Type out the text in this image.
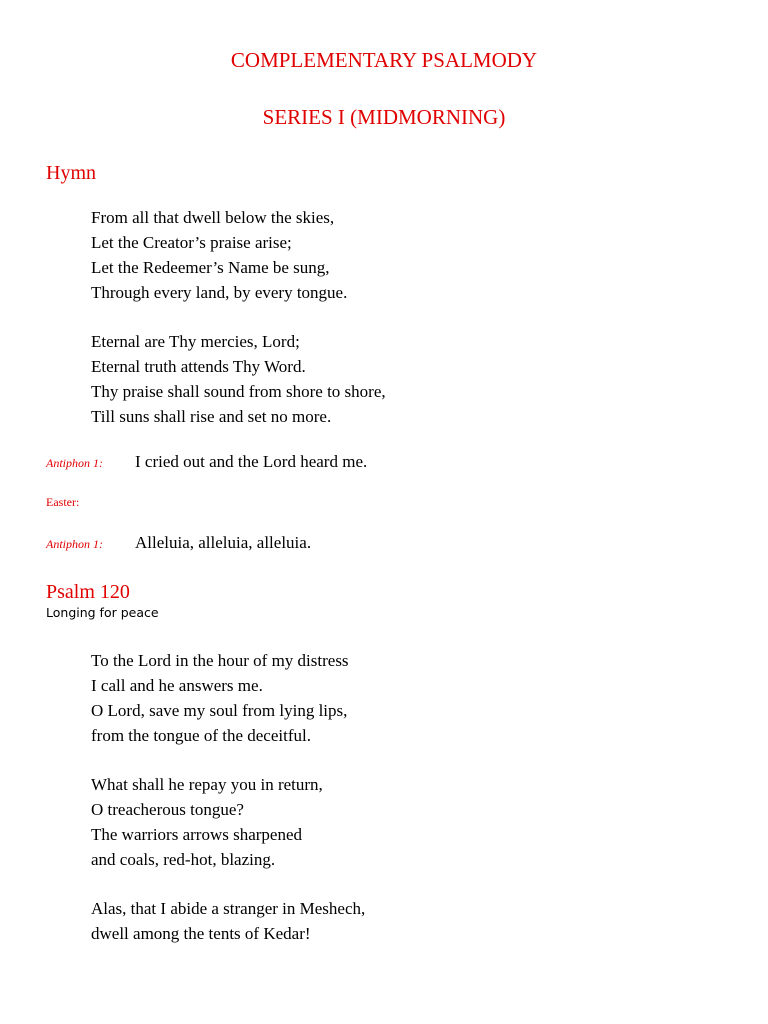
COMPLEMENTARY PSALMODY
SERIES I (MIDMORNING)
Hymn
From all that dwell below the skies,
Let the Creator’s praise arise;
Let the Redeemer’s Name be sung,
Through every land, by every tongue.
Eternal are Thy mercies, Lord;
Eternal truth attends Thy Word.
Thy praise shall sound from shore to shore,
Till suns shall rise and set no more.
Antiphon 1: I cried out and the Lord heard me.
Easter:
Antiphon 1: Alleluia, alleluia, alleluia.
Psalm 120
Longing for peace
To the Lord in the hour of my distress
I call and he answers me.
O Lord, save my soul from lying lips,
from the tongue of the deceitful.
What shall he repay you in return,
O treacherous tongue?
The warriors arrows sharpened
and coals, red-hot, blazing.
Alas, that I abide a stranger in Meshech,
dwell among the tents of Kedar!
